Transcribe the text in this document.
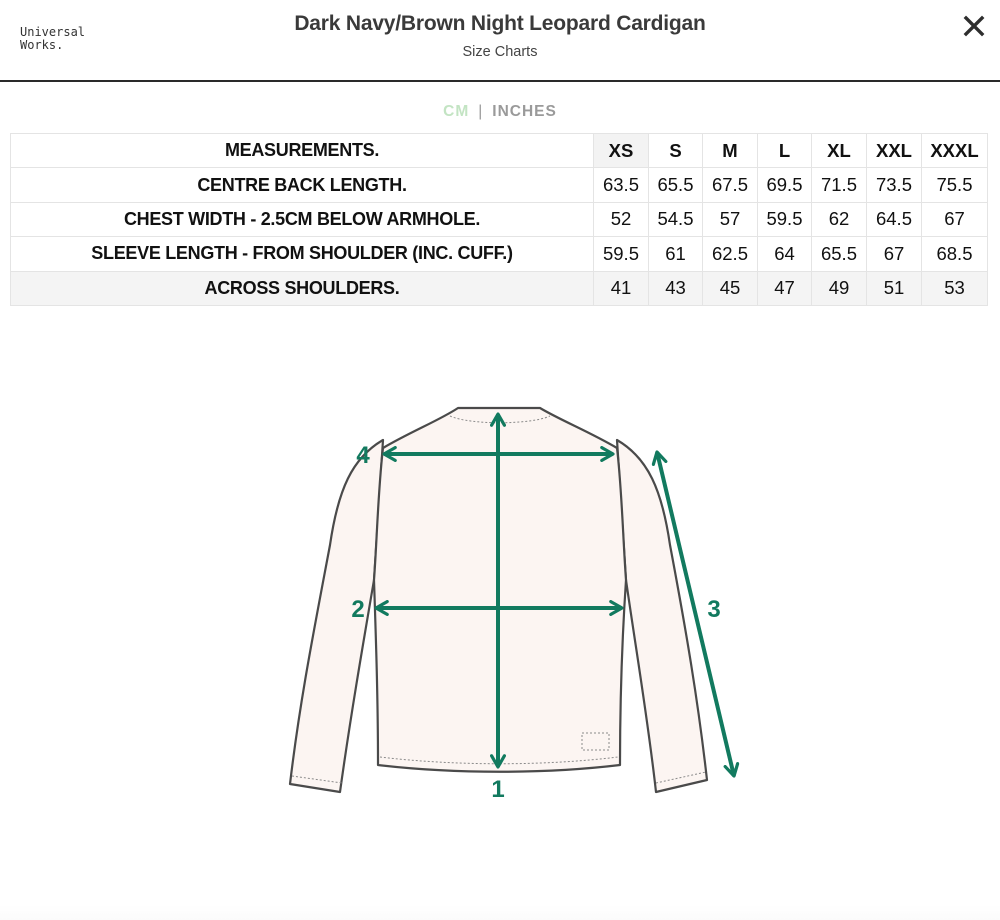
Universal
Works.
Dark Navy/Brown Night Leopard Cardigan
Size Charts
CM | INCHES
MEASUREMENTS.	XS	S	M	L	XL	XXL	XXXL
CENTRE BACK LENGTH.	63.5	65.5	67.5	69.5	71.5	73.5	75.5
CHEST WIDTH - 2.5CM BELOW ARMHOLE.	52	54.5	57	59.5	62	64.5	67
SLEEVE LENGTH - FROM SHOULDER (INC. CUFF.)	59.5	61	62.5	64	65.5	67	68.5
ACROSS SHOULDERS.	41	43	45	47	49	51	53
1
2	3
4
